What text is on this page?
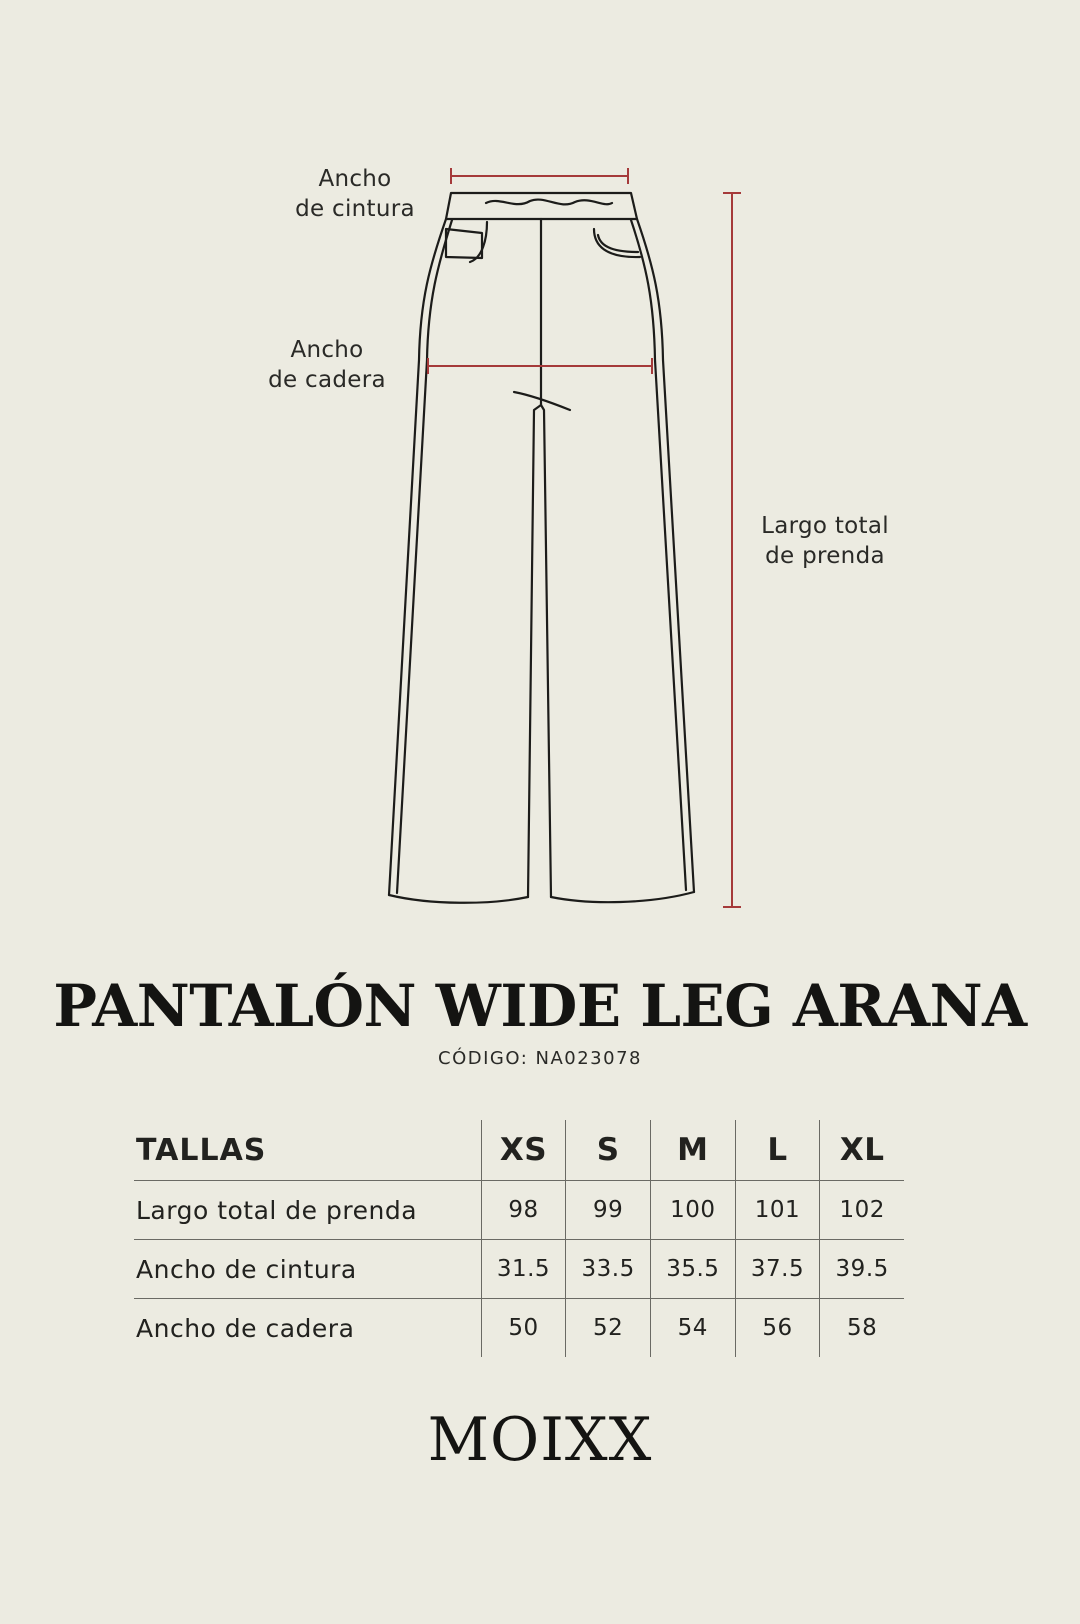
Ancho
de cintura
Ancho
de cadera
Largo total
de prenda
PANTALÓN WIDE LEG ARANA
CÓDIGO: NA023078
TALLAS	XS	S	M	L	XL
Largo total de prenda	98	99	100	101	102
Ancho de cintura	31.5	33.5	35.5	37.5	39.5
Ancho de cadera	50	52	54	56	58
MOIXX
